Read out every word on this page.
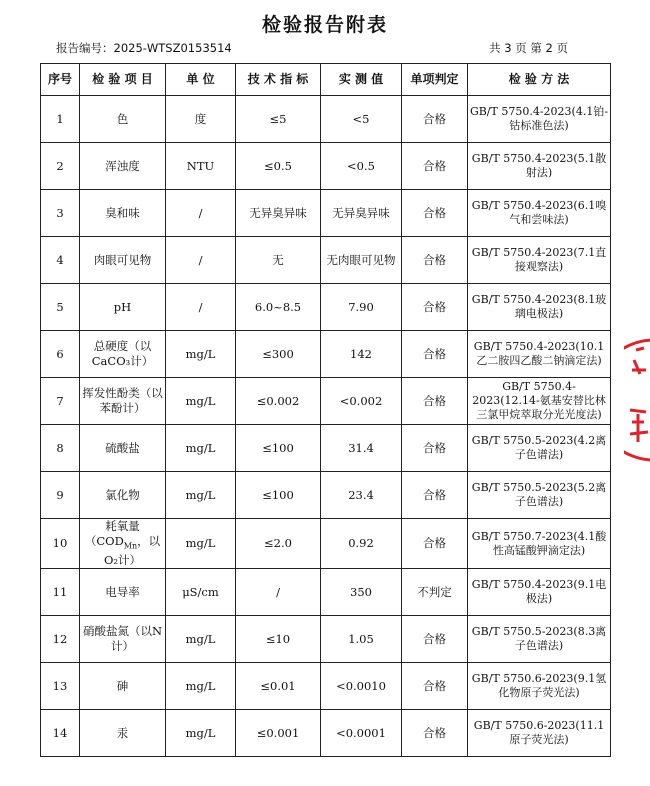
检验报告附表
报告编号：2025-WTSZ0153514	共 3 页 第 2 页
序号	检 验 项 目	单 位	技 术 指 标	实 测 值	单项判定	检 验 方 法
1	色	度	≤5	<5	合格	GB/T 5750.4-2023(4.1铂-钴标准色法)
2	浑浊度	NTU	≤0.5	<0.5	合格	GB/T 5750.4-2023(5.1散射法)
3	臭和味	/	无异臭异味	无异臭异味	合格	GB/T 5750.4-2023(6.1嗅气和尝味法)
4	肉眼可见物	/	无	无肉眼可见物	合格	GB/T 5750.4-2023(7.1直接观察法)
5	pH	/	6.0~8.5	7.90	合格	GB/T 5750.4-2023(8.1玻璃电极法)
6	总硬度（以CaCO₃计）	mg/L	≤300	142	合格	GB/T 5750.4-2023(10.1乙二胺四乙酸二钠滴定法)
7	挥发性酚类（以苯酚计）	mg/L	≤0.002	<0.002	合格	GB/T 5750.4-2023(12.14-氨基安替比林三氯甲烷萃取分光光度法)
8	硫酸盐	mg/L	≤100	31.4	合格	GB/T 5750.5-2023(4.2离子色谱法)
9	氯化物	mg/L	≤100	23.4	合格	GB/T 5750.5-2023(5.2离子色谱法)
10	耗氧量（$COD_{Mn}$，以O₂计）	mg/L	≤2.0	0.92	合格	GB/T 5750.7-2023(4.1酸性高锰酸钾滴定法)
11	电导率	μS/cm	/	350	不判定	GB/T 5750.4-2023(9.1电极法)
12	硝酸盐氮（以N计）	mg/L	≤10	1.05	合格	GB/T 5750.5-2023(8.3离子色谱法)
13	砷	mg/L	≤0.01	<0.0010	合格	GB/T 5750.6-2023(9.1氢化物原子荧光法)
14	汞	mg/L	≤0.001	<0.0001	合格	GB/T 5750.6-2023(11.1原子荧光法)
